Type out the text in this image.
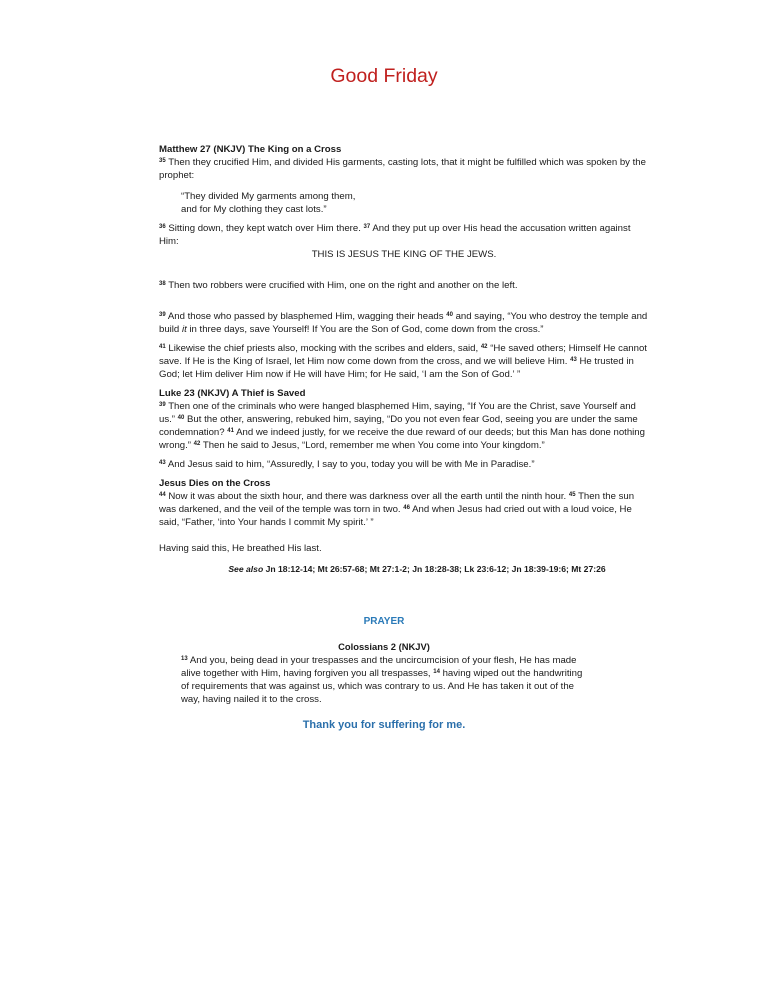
Good Friday

Matthew 27 (NKJV) The King on a Cross

$^{35}$ Then they crucified Him, and divided His garments, casting lots, that it might be fulfilled which was spoken by the prophet:

“They divided My garments among them,
and for My clothing they cast lots.”

$^{36}$ Sitting down, they kept watch over Him there. $^{37}$ And they put up over His head the accusation written against Him:

THIS IS JESUS THE KING OF THE JEWS.

$^{38}$ Then two robbers were crucified with Him, one on the right and another on the left.

$^{39}$ And those who passed by blasphemed Him, wagging their heads $^{40}$ and saying, “You who destroy the temple and build it in three days, save Yourself! If You are the Son of God, come down from the cross.”

$^{41}$ Likewise the chief priests also, mocking with the scribes and elders, said, $^{42}$ “He saved others; Himself He cannot save. If He is the King of Israel, let Him now come down from the cross, and we will believe Him. $^{43}$ He trusted in God; let Him deliver Him now if He will have Him; for He said, ‘I am the Son of God.’ ”

Luke 23 (NKJV) A Thief is Saved

$^{39}$ Then one of the criminals who were hanged blasphemed Him, saying, “If You are the Christ, save Yourself and us.” $^{40}$ But the other, answering, rebuked him, saying, “Do you not even fear God, seeing you are under the same condemnation? $^{41}$ And we indeed justly, for we receive the due reward of our deeds; but this Man has done nothing wrong.” $^{42}$ Then he said to Jesus, “Lord, remember me when You come into Your kingdom.”

$^{43}$ And Jesus said to him, “Assuredly, I say to you, today you will be with Me in Paradise.”

Jesus Dies on the Cross

$^{44}$ Now it was about the sixth hour, and there was darkness over all the earth until the ninth hour. $^{45}$ Then the sun was darkened, and the veil of the temple was torn in two. $^{46}$ And when Jesus had cried out with a loud voice, He said, “Father, ‘into Your hands I commit My spirit.’ ”

Having said this, He breathed His last.

See also Jn 18:12-14; Mt 26:57-68; Mt 27:1-2; Jn 18:28-38; Lk 23:6-12; Jn 18:39-19:6; Mt 27:26

PRAYER
Colossians 2 (NKJV)
$^{13}$ And you, being dead in your trespasses and the uncircumcision of your flesh, He has made alive together with Him, having forgiven you all trespasses, $^{14}$ having wiped out the handwriting of requirements that was against us, which was contrary to us. And He has taken it out of the way, having nailed it to the cross.
Thank you for suffering for me.
